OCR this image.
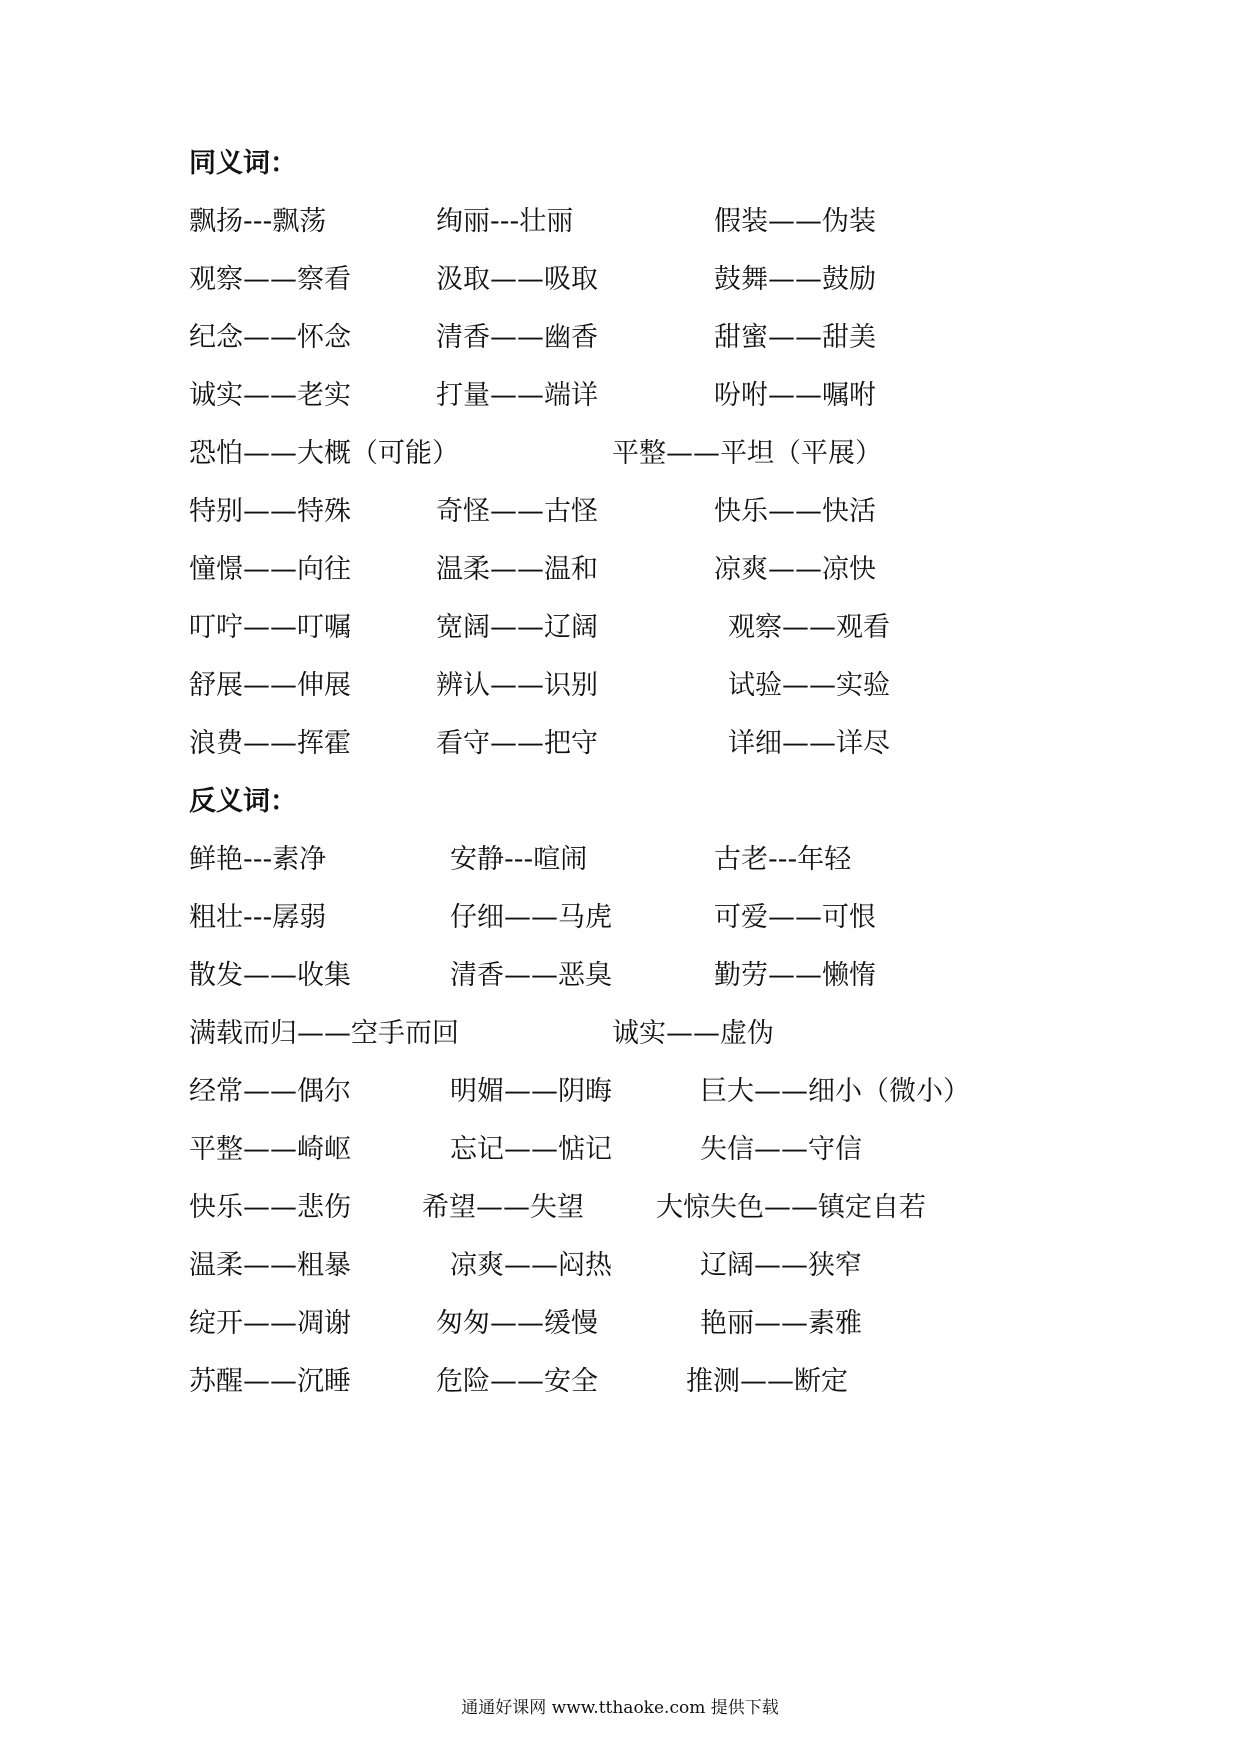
同义词：
飘扬---飘荡	绚丽---壮丽	假装——伪装
观察——察看	汲取——吸取	鼓舞——鼓励
纪念——怀念	清香——幽香	甜蜜——甜美
诚实——老实	打量——端详	吩咐——嘱咐
恐怕——大概（可能）	平整——平坦（平展）
特别——特殊	奇怪——古怪	快乐——快活
憧憬——向往	温柔——温和	凉爽——凉快
叮咛——叮嘱	宽阔——辽阔	观察——观看
舒展——伸展	辨认——识别	试验——实验
浪费——挥霍	看守——把守	详细——详尽
反义词：
鲜艳---素净	安静---喧闹	古老---年轻
粗壮---孱弱	仔细——马虎	可爱——可恨
散发——收集	清香——恶臭	勤劳——懒惰
满载而归——空手而回	诚实——虚伪
经常——偶尔	明媚——阴晦	巨大——细小（微小）
平整——崎岖	忘记——惦记	失信——守信
快乐——悲伤	希望——失望	大惊失色——镇定自若
温柔——粗暴	凉爽——闷热	辽阔——狭窄
绽开——凋谢	匆匆——缓慢	艳丽——素雅
苏醒——沉睡	危险——安全	推测——断定
通通好课网 www.tthaoke.com 提供下载
